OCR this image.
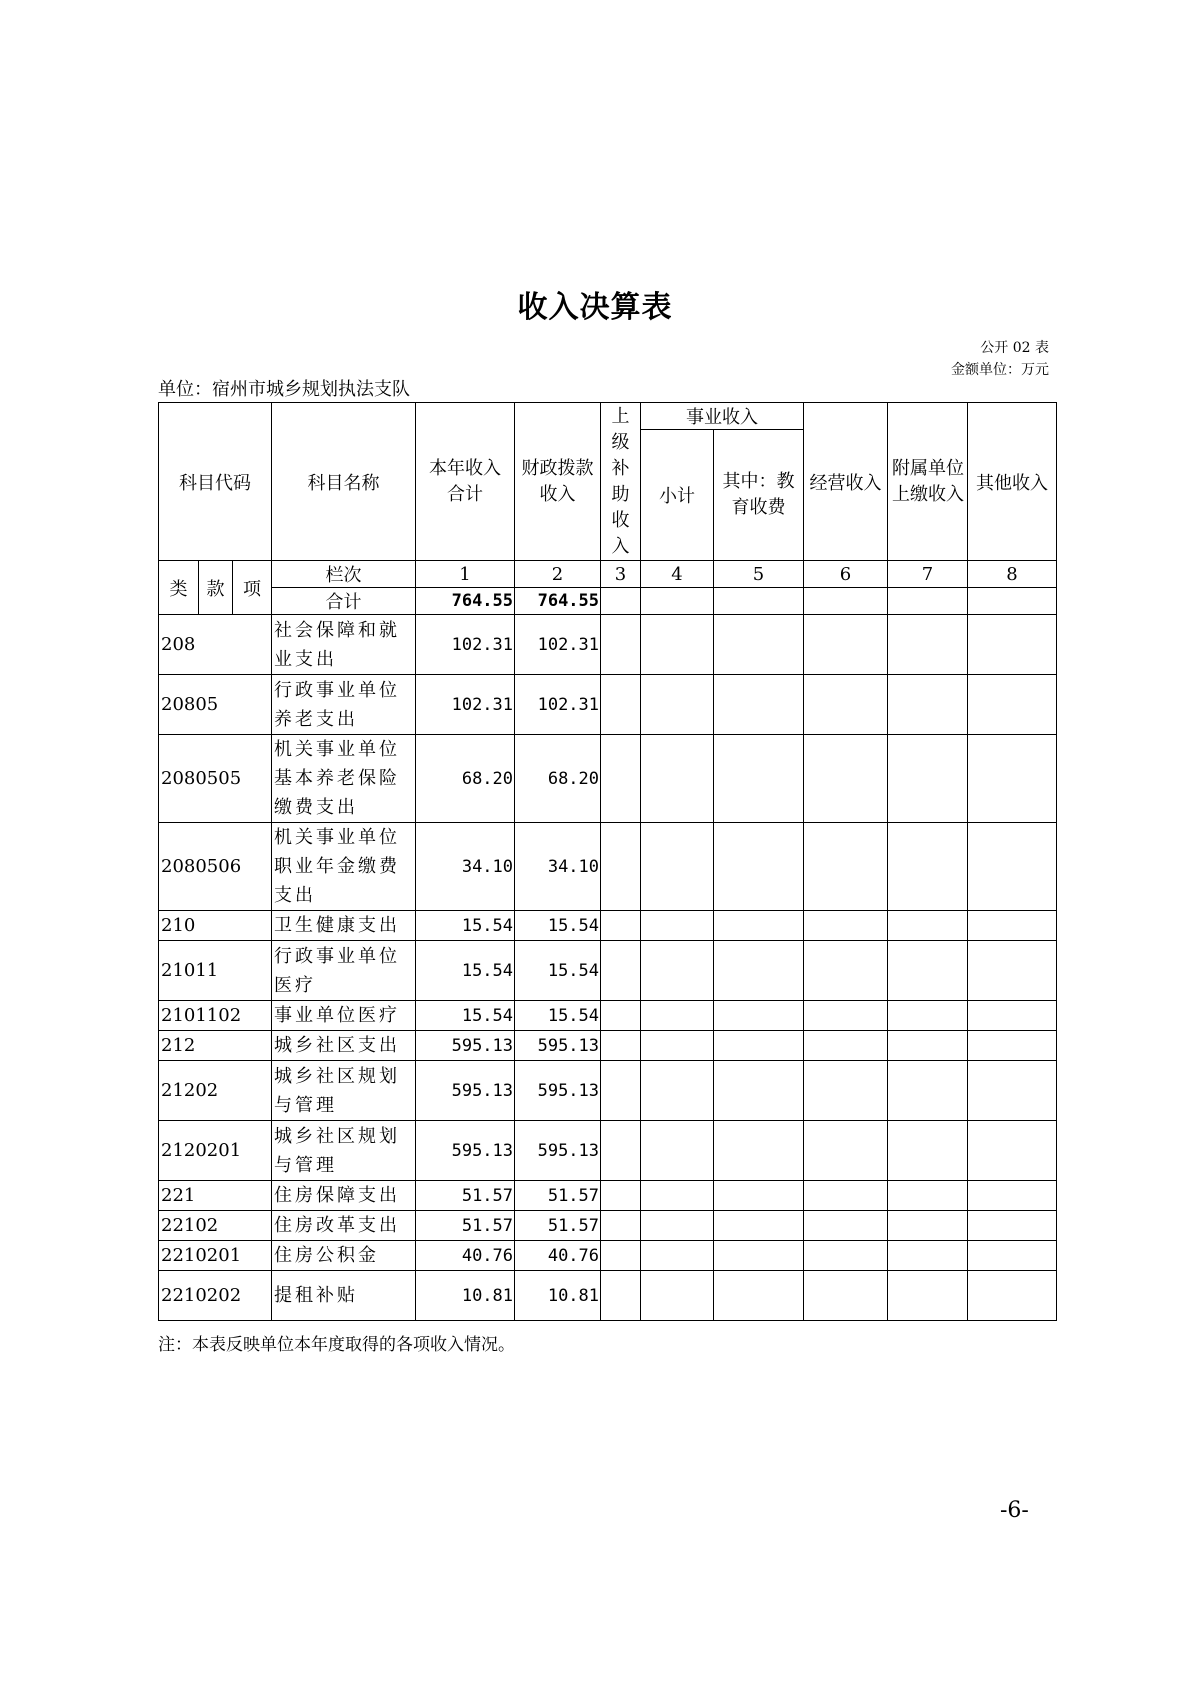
收入决算表
公开 02 表
金额单位：万元
单位：宿州市城乡规划执法支队
科目代码			科目名称	本年收入合计	财政拨款收入	上级补助收入	事业收入		经营收入	附属单位上缴收入	其他收入	
							小计	其中：教育收费				

类	款	项	栏次	1	2	3	4	5	6	7	8	
			合计	764.55	764.55							
208			社会保障和就业支出	102.31	102.31							
20805			行政事业单位养老支出	102.31	102.31							
2080505			机关事业单位基本养老保险缴费支出	68.20	68.20							
2080506			机关事业单位职业年金缴费支出	34.10	34.10							
210			卫生健康支出	15.54	15.54							
21011			行政事业单位医疗	15.54	15.54							
2101102			事业单位医疗	15.54	15.54							
212			城乡社区支出	595.13	595.13							
21202			城乡社区规划与管理	595.13	595.13							
2120201			城乡社区规划与管理	595.13	595.13							
221			住房保障支出	51.57	51.57							
22102			住房改革支出	51.57	51.57							
2210201			住房公积金	40.76	40.76							
2210202			提租补贴	10.81	10.81							
注：本表反映单位本年度取得的各项收入情况。
-6-
